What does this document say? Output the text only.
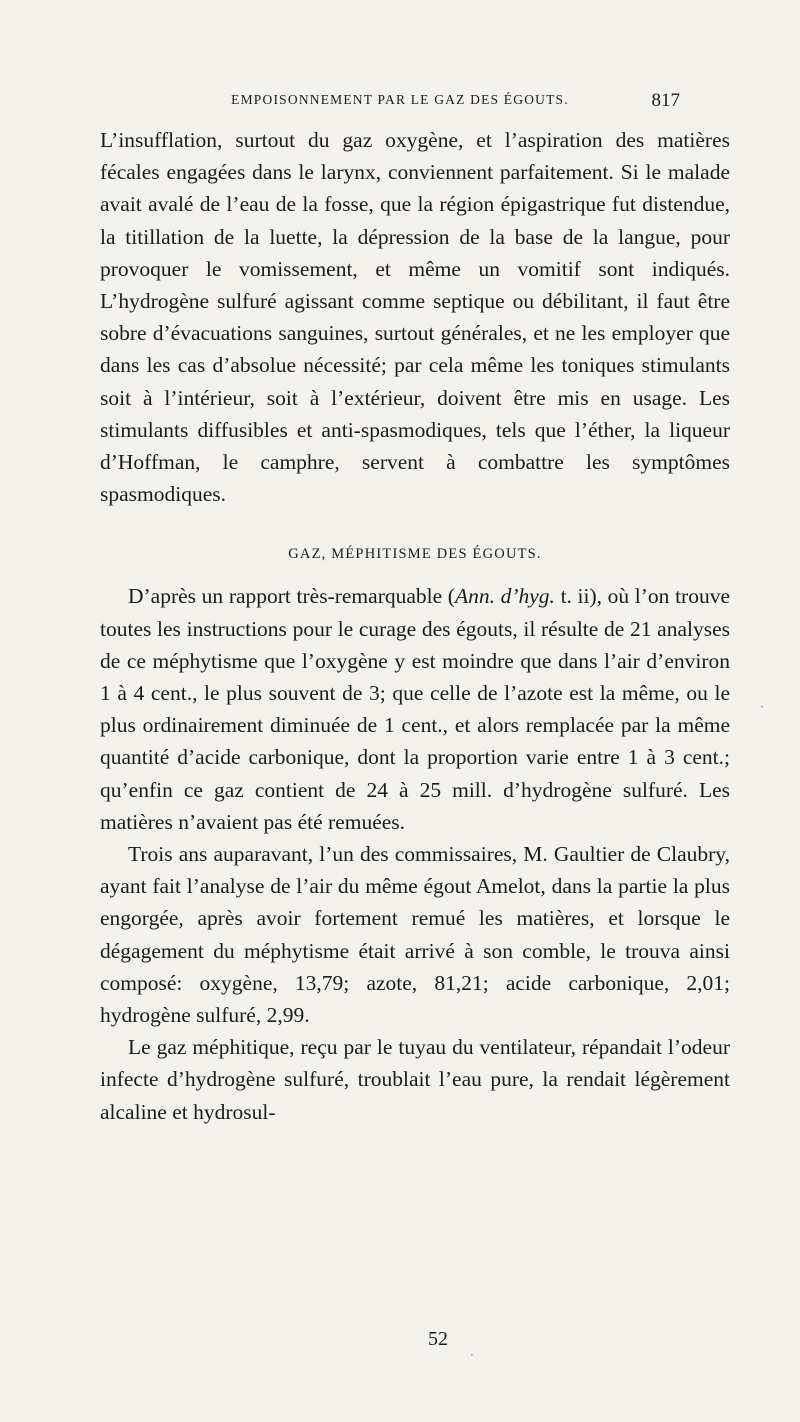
EMPOISONNEMENT PAR LE GAZ DES ÉGOUTS.	817

L’insufflation, surtout du gaz oxygène, et l’aspiration des matières fécales engagées dans le larynx, conviennent parfaitement. Si le malade avait avalé de l’eau de la fosse, que la région épigastrique fut distendue, la titillation de la luette, la dépression de la base de la langue, pour provoquer le vomissement, et même un vomitif sont indiqués. L’hydrogène sulfuré agissant comme septique ou débilitant, il faut être sobre d’évacuations sanguines, surtout générales, et ne les employer que dans les cas d’absolue nécessité; par cela même les toniques stimulants soit à l’intérieur, soit à l’extérieur, doivent être mis en usage. Les stimulants diffusibles et anti-spasmodiques, tels que l’éther, la liqueur d’Hoffman, le camphre, servent à combattre les symptômes spasmodiques.

GAZ, MÉPHITISME DES ÉGOUTS.

D’après un rapport très-remarquable (Ann. d’hyg. t. ii), où l’on trouve toutes les instructions pour le curage des égouts, il résulte de 21 analyses de ce méphytisme que l’oxygène y est moindre que dans l’air d’environ 1 à 4 cent., le plus souvent de 3; que celle de l’azote est la même, ou le plus ordinairement diminuée de 1 cent., et alors remplacée par la même quantité d’acide carbonique, dont la proportion varie entre 1 à 3 cent.; qu’enfin ce gaz contient de 24 à 25 mill. d’hydrogène sulfuré. Les matières n’avaient pas été remuées.

Trois ans auparavant, l’un des commissaires, M. Gaultier de Claubry, ayant fait l’analyse de l’air du même égout Amelot, dans la partie la plus engorgée, après avoir fortement remué les matières, et lorsque le dégagement du méphytisme était arrivé à son comble, le trouva ainsi composé: oxygène, 13,79; azote, 81,21; acide carbonique, 2,01; hydrogène sulfuré, 2,99.

Le gaz méphitique, reçu par le tuyau du ventilateur, répandait l’odeur infecte d’hydrogène sulfuré, troublait l’eau pure, la rendait légèrement alcaline et hydrosul-

52
·
·
